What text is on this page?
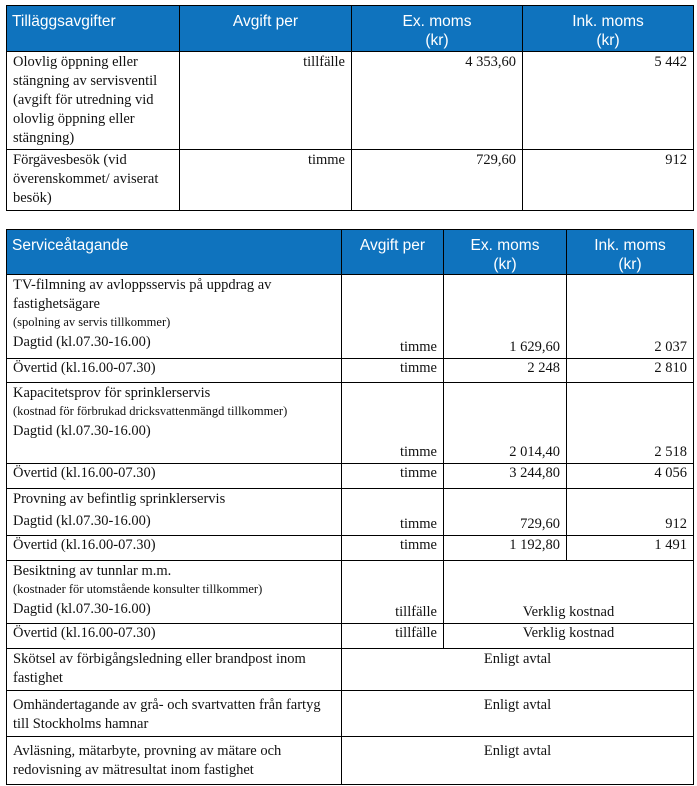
Tilläggsavgifter	Avgift per	Ex. moms
(kr)	Ink. moms
(kr)
Olovlig öppning eller stängning av servisventil (avgift för utredning vid olovlig öppning eller stängning)	tillfälle	4 353,60	5 442
Förgävesbesök (vid överenskommet/ aviserat besök)	timme	729,60	912
Serviceåtagande	Avgift per	Ex. moms
(kr)	Ink. moms
(kr)

TV-filmning av avloppsservis på uppdrag av fastighetsägare
(spolning av servis tillkommer)
Dagtid (kl.07.30-16.00)	timme	1 629,60	2 037
Övertid (kl.16.00-07.30)	timme	2 248	2 810

Kapacitetsprov för sprinklerservis
(kostnad för förbrukad dricksvattenmängd tillkommer)
Dagtid (kl.07.30-16.00)	timme	2 014,40	2 518
Övertid (kl.16.00-07.30)	timme	3 244,80	4 056

Provning av befintlig sprinklerservis
Dagtid (kl.07.30-16.00)	timme	729,60	912
Övertid (kl.16.00-07.30)	timme	1 192,80	1 491

Besiktning av tunnlar m.m.
(kostnader för utomstående konsulter tillkommer)
Dagtid (kl.07.30-16.00)	tillfälle	Verklig kostnad	
Övertid (kl.16.00-07.30)	tillfälle	Verklig kostnad	
Skötsel av förbigångsledning eller brandpost inom fastighet	Enligt avtal		
Omhändertagande av grå- och svartvatten från fartyg till Stockholms hamnar	Enligt avtal		
Avläsning, mätarbyte, provning av mätare och redovisning av mätresultat inom fastighet	Enligt avtal		
